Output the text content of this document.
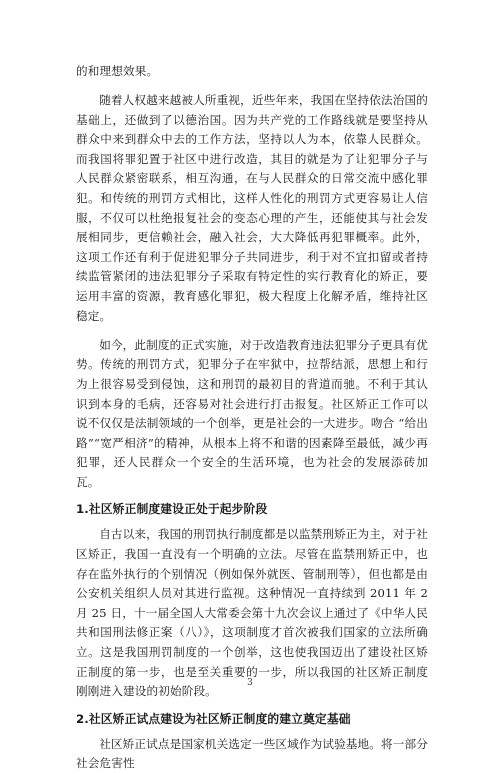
的和理想效果。

随着人权越来越被人所重视，近些年来，我国在坚持依法治国的基础上，还做到了以德治国。因为共产党的工作路线就是要坚持从群众中来到群众中去的工作方法，坚持以人为本，依靠人民群众。而我国将罪犯置于社区中进行改造，其目的就是为了让犯罪分子与人民群众紧密联系，相互沟通，在与人民群众的日常交流中感化罪犯。和传统的刑罚方式相比，这样人性化的刑罚方式更容易让人信服，不仅可以杜绝报复社会的变态心理的产生，还能使其与社会发展相同步，更信赖社会，融入社会，大大降低再犯罪概率。此外，这项工作还有利于促进犯罪分子共同进步，利于对不宜扣留或者持续监管紧闭的违法犯罪分子采取有特定性的实行教育化的矫正，要运用丰富的资源，教育感化罪犯，极大程度上化解矛盾，维持社区稳定。

如今，此制度的正式实施，对于改造教育违法犯罪分子更具有优势。传统的刑罚方式，犯罪分子在牢狱中，拉帮结派，思想上和行为上很容易受到侵蚀，这和刑罚的最初目的背道而驰。不利于其认识到本身的毛病，还容易对社会进行打击报复。社区矫正工作可以说不仅仅是法制领域的一个创举，更是社会的一大进步。吻合 “给出路”“宽严相济”的精神，从根本上将不和谐的因素降至最低，减少再犯罪，还人民群众一个安全的生活环境，也为社会的发展添砖加瓦。

1.社区矫正制度建设正处于起步阶段

自古以来，我国的刑罚执行制度都是以监禁刑矫正为主，对于社区矫正，我国一直没有一个明确的立法。尽管在监禁刑矫正中，也存在监外执行的个别情况（例如保外就医、管制刑等），但也都是由公安机关组织人员对其进行监视。这种情况一直持续到 2011 年 2 月 25 日，十一届全国人大常委会第十九次会议上通过了《中华人民共和国刑法修正案（八）》，这项制度才首次被我们国家的立法所确立。这是我国刑罚制度的一个创举，这也使我国迈出了建设社区矫正制度的第一步，也是至关重要的一步，所以我国的社区矫正制度刚刚进入建设的初始阶段。

2.社区矫正试点建设为社区矫正制度的建立奠定基础

社区矫正试点是国家机关选定一些区域作为试验基地。将一部分社会危害性

3
